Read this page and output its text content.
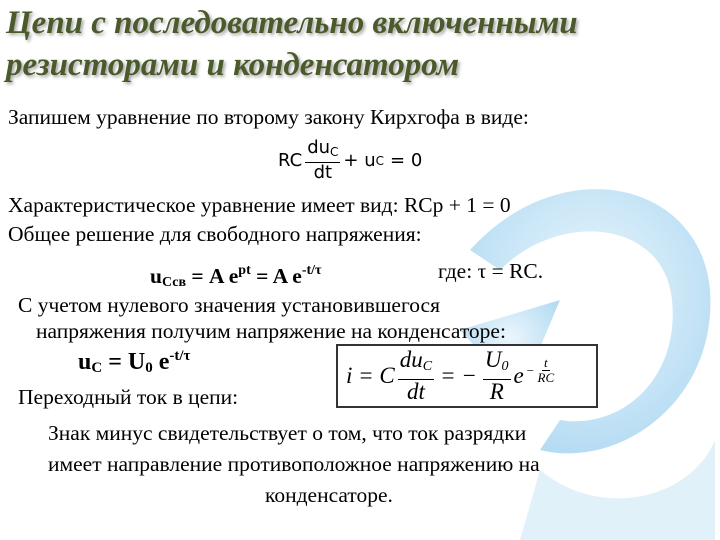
Цепи с последовательно включенными резисторами и конденсатором
Запишем уравнение по второму закону Кирхгофа в виде:
RC $\frac{du_C}{dt} + u$ C = 0
Характеристическое уравнение имеет вид: RCp + 1 = 0
Общее решение для свободного напряжения:
$u_{Ссв} = A$ $e^{pt} = A$ $e^{-t/\tau}$	где: τ = RC.
С учетом нулевого значения установившегося
напряжения получим напряжение на конденсаторе:
$u_C = U_0$ $e^{-t/\tau}$
Переходный ток в цепи:
i = C $\frac{du_C}{dt}$ = − $\frac{U_0}{R}$ $e - \frac{t}{RC}$
Знак минус свидетельствует о том, что ток разрядки
имеет направление противоположное напряжению на
конденсаторе.
